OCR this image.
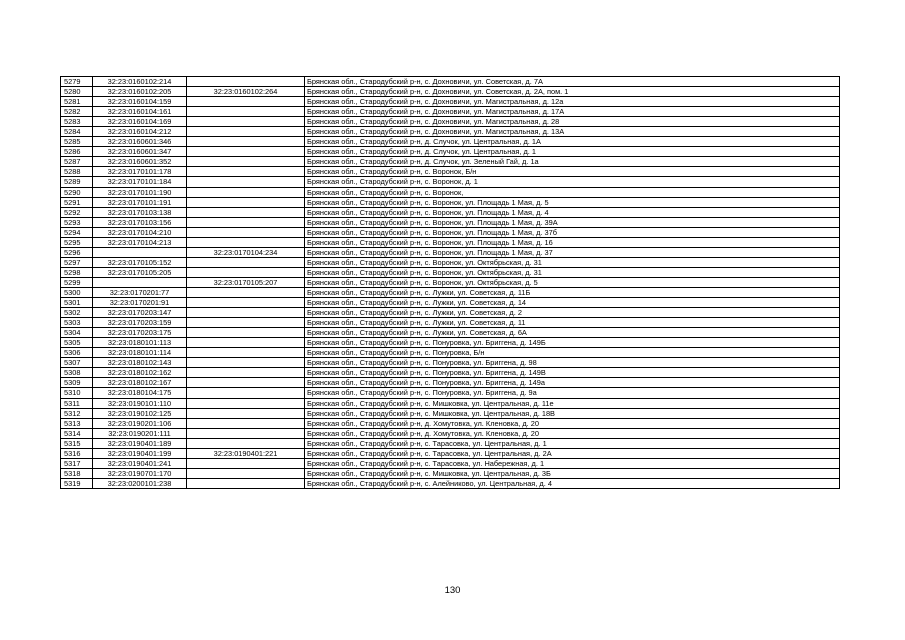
5279	32:23:0160102:214		Брянская обл., Стародубский р-н, с. Дохновичи, ул. Советская, д. 7А
5280	32:23:0160102:205	32:23:0160102:264	Брянская обл., Стародубский р-н, с. Дохновичи, ул. Советская, д. 2А, пом. 1
5281	32:23:0160104:159		Брянская обл., Стародубский р-н, с. Дохновичи, ул. Магистральная, д. 12а
5282	32:23:0160104:161		Брянская обл., Стародубский р-н, с. Дохновичи, ул. Магистральная, д. 17А
5283	32:23:0160104:169		Брянская обл., Стародубский р-н, с. Дохновичи, ул. Магистральная, д. 28
5284	32:23:0160104:212		Брянская обл., Стародубский р-н, с. Дохновичи, ул. Магистральная, д. 13А
5285	32:23:0160601:346		Брянская обл., Стародубский р-н, д. Случок, ул. Центральная, д. 1А
5286	32:23:0160601:347		Брянская обл., Стародубский р-н, д. Случок, ул. Центральная, д. 1
5287	32:23:0160601:352		Брянская обл., Стародубский р-н, д. Случок, ул. Зеленый Гай, д. 1а
5288	32:23:0170101:178		Брянская обл., Стародубский р-н, с. Воронок, Б/н
5289	32:23:0170101:184		Брянская обл., Стародубский р-н, с. Воронок, д. 1
5290	32:23:0170101:190		Брянская обл., Стародубский р-н, с. Воронок,
5291	32:23:0170101:191		Брянская обл., Стародубский р-н, с. Воронок, ул. Площадь 1 Мая, д. 5
5292	32:23:0170103:138		Брянская обл., Стародубский р-н, с. Воронок, ул. Площадь 1 Мая, д. 4
5293	32:23:0170103:156		Брянская обл., Стародубский р-н, с. Воронок, ул. Площадь 1 Мая, д. 39А
5294	32:23:0170104:210		Брянская обл., Стародубский р-н, с. Воронок, ул. Площадь 1 Мая, д. 37б
5295	32:23:0170104:213		Брянская обл., Стародубский р-н, с. Воронок, ул. Площадь 1 Мая, д. 16
5296		32:23:0170104:234	Брянская обл., Стародубский р-н, с. Воронок, ул. Площадь 1 Мая, д. 37
5297	32:23:0170105:152		Брянская обл., Стародубский р-н, с. Воронок, ул. Октябрьская, д. 31
5298	32:23:0170105:205		Брянская обл., Стародубский р-н, с. Воронок, ул. Октябрьская, д. 31
5299		32:23:0170105:207	Брянская обл., Стародубский р-н, с. Воронок, ул. Октябрьская, д. 5
5300	32:23:0170201:77		Брянская обл., Стародубский р-н, с. Лужки, ул. Советская, д. 11Б
5301	32:23:0170201:91		Брянская обл., Стародубский р-н, с. Лужки, ул. Советская, д. 14
5302	32:23:0170203:147		Брянская обл., Стародубский р-н, с. Лужки, ул. Советская, д. 2
5303	32:23:0170203:159		Брянская обл., Стародубский р-н, с. Лужки, ул. Советская, д. 11
5304	32:23:0170203:175		Брянская обл., Стародубский р-н, с. Лужки, ул. Советская, д. 6А
5305	32:23:0180101:113		Брянская обл., Стародубский р-н, с. Понуровка, ул. Бриггена, д. 149Б
5306	32:23:0180101:114		Брянская обл., Стародубский р-н, с. Понуровка, Б/н
5307	32:23:0180102:143		Брянская обл., Стародубский р-н, с. Понуровка, ул. Бриггена, д. 98
5308	32:23:0180102:162		Брянская обл., Стародубский р-н, с. Понуровка, ул. Бриггена, д. 149В
5309	32:23:0180102:167		Брянская обл., Стародубский р-н, с. Понуровка, ул. Бриггена, д. 149а
5310	32:23:0180104:175		Брянская обл., Стародубский р-н, с. Понуровка, ул. Бриггена, д. 9а
5311	32:23:0190101:110		Брянская обл., Стародубский р-н, с. Мишковка, ул. Центральная, д. 11е
5312	32:23:0190102:125		Брянская обл., Стародубский р-н, с. Мишковка, ул. Центральная, д. 18В
5313	32:23:0190201:106		Брянская обл., Стародубский р-н, д. Хомутовка, ул. Кленовка, д. 20
5314	32:23:0190201:111		Брянская обл., Стародубский р-н, д. Хомутовка, ул. Кленовка, д. 20
5315	32:23:0190401:189		Брянская обл., Стародубский р-н, с. Тарасовка, ул. Центральная, д. 1
5316	32:23:0190401:199	32:23:0190401:221	Брянская обл., Стародубский р-н, с. Тарасовка, ул. Центральная, д. 2А
5317	32:23:0190401:241		Брянская обл., Стародубский р-н, с. Тарасовка, ул. Набережная, д. 1
5318	32:23:0190701:170		Брянская обл., Стародубский р-н, с. Мишковка, ул. Центральная, д. 3Б
5319	32:23:0200101:238		Брянская обл., Стародубский р-н, с. Алейниково, ул. Центральная, д. 4
130
